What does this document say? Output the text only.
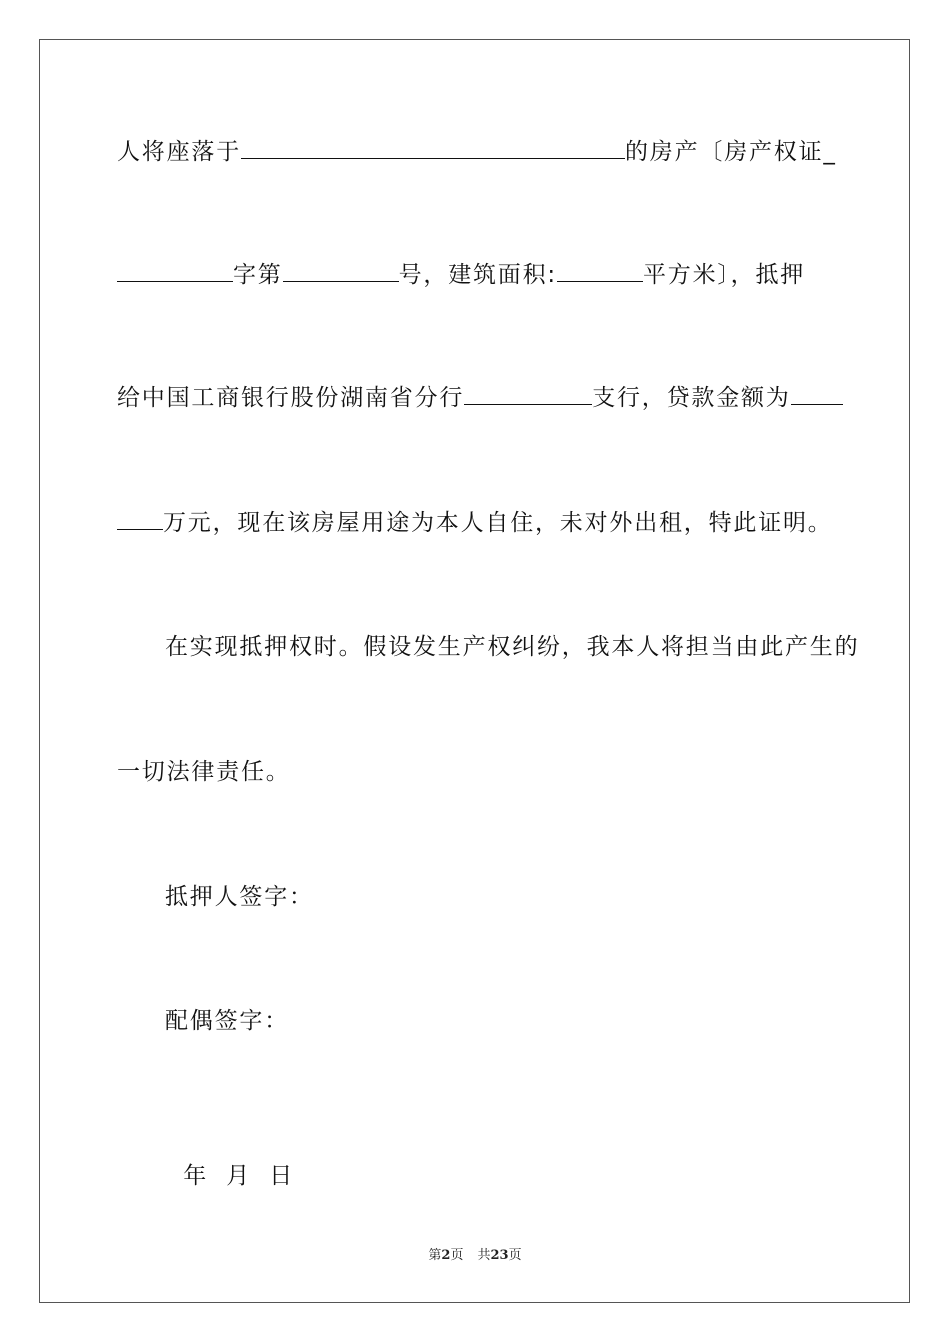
人将座落于	的房产〔房产权证_
字第	号，建筑面积:	平方米〕，抵押
给中国工商银行股份湖南省分行	支行，贷款金额为
万元，现在该房屋用途为本人自住，未对外出租，特此证明。
在实现抵押权时。假设发生产权纠纷，我本人将担当由此产生的
一切法律责任。
抵押人签字：
配偶签字：

年  月  日

第2页 共23页
